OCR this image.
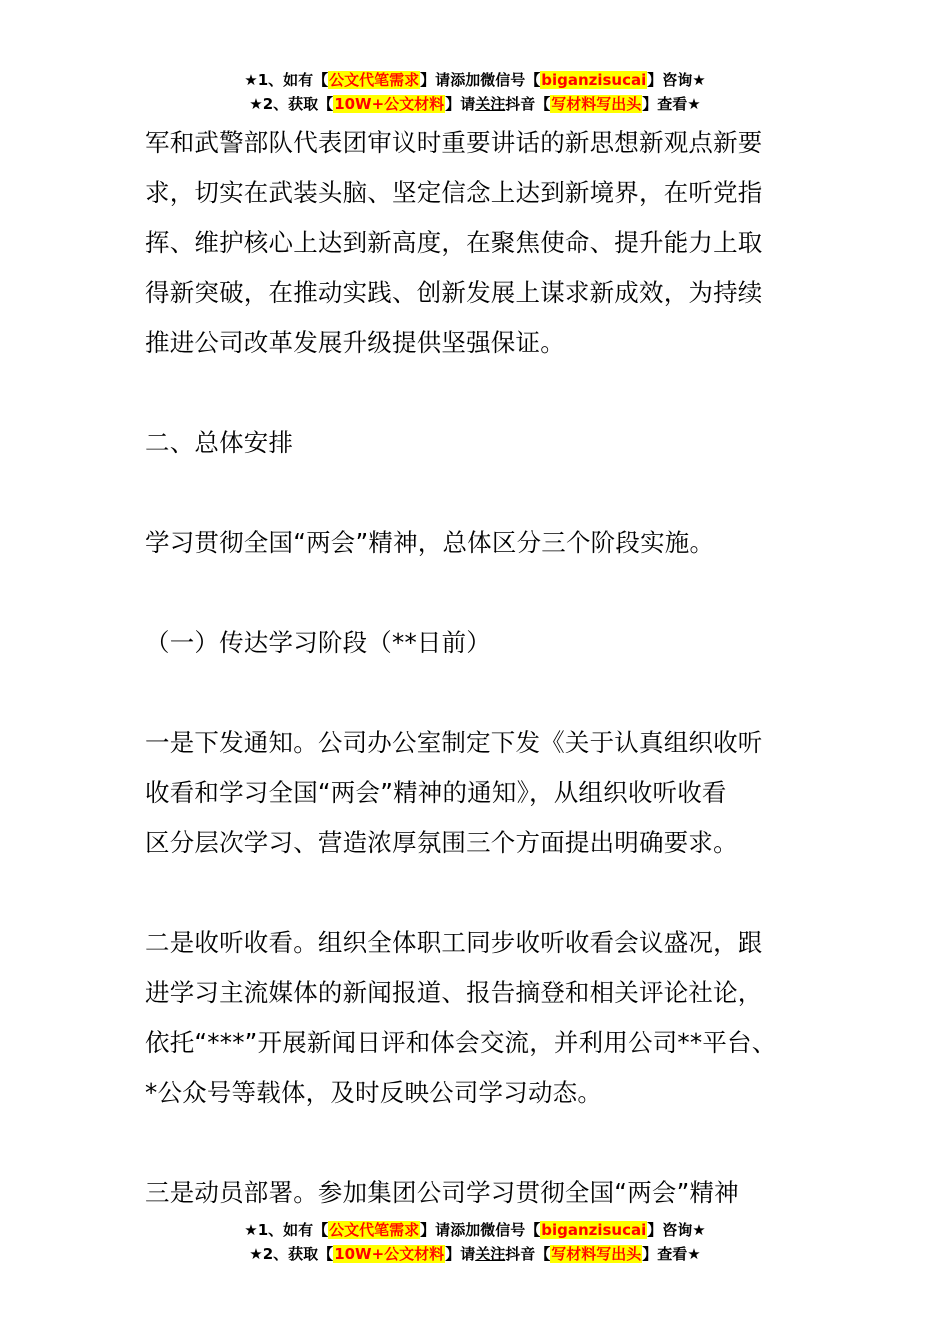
★1、如有【公文代笔需求】请添加微信号【biganzisucai】咨询★
★2、获取【10W+公文材料】请关注抖音【写材料写出头】查看★

军和武警部队代表团审议时重要讲话的新思想新观点新要

求，切实在武装头脑、坚定信念上达到新境界，在听党指

挥、维护核心上达到新高度，在聚焦使命、提升能力上取

得新突破，在推动实践、创新发展上谋求新成效，为持续

推进公司改革发展升级提供坚强保证。

二、总体安排

学习贯彻全国“两会”精神，总体区分三个阶段实施。

（一）传达学习阶段（**日前）

一是下发通知。公司办公室制定下发《关于认真组织收听

收看和学习全国“两会”精神的通知》，从组织收听收看

区分层次学习、营造浓厚氛围三个方面提出明确要求。

二是收听收看。组织全体职工同步收听收看会议盛况，跟

进学习主流媒体的新闻报道、报告摘登和相关评论社论，

依托“***”开展新闻日评和体会交流，并利用公司**平台、

*公众号等载体，及时反映公司学习动态。

三是动员部署。参加集团公司学习贯彻全国“两会”精神

★1、如有【公文代笔需求】请添加微信号【biganzisucai】咨询★
★2、获取【10W+公文材料】请关注抖音【写材料写出头】查看★
